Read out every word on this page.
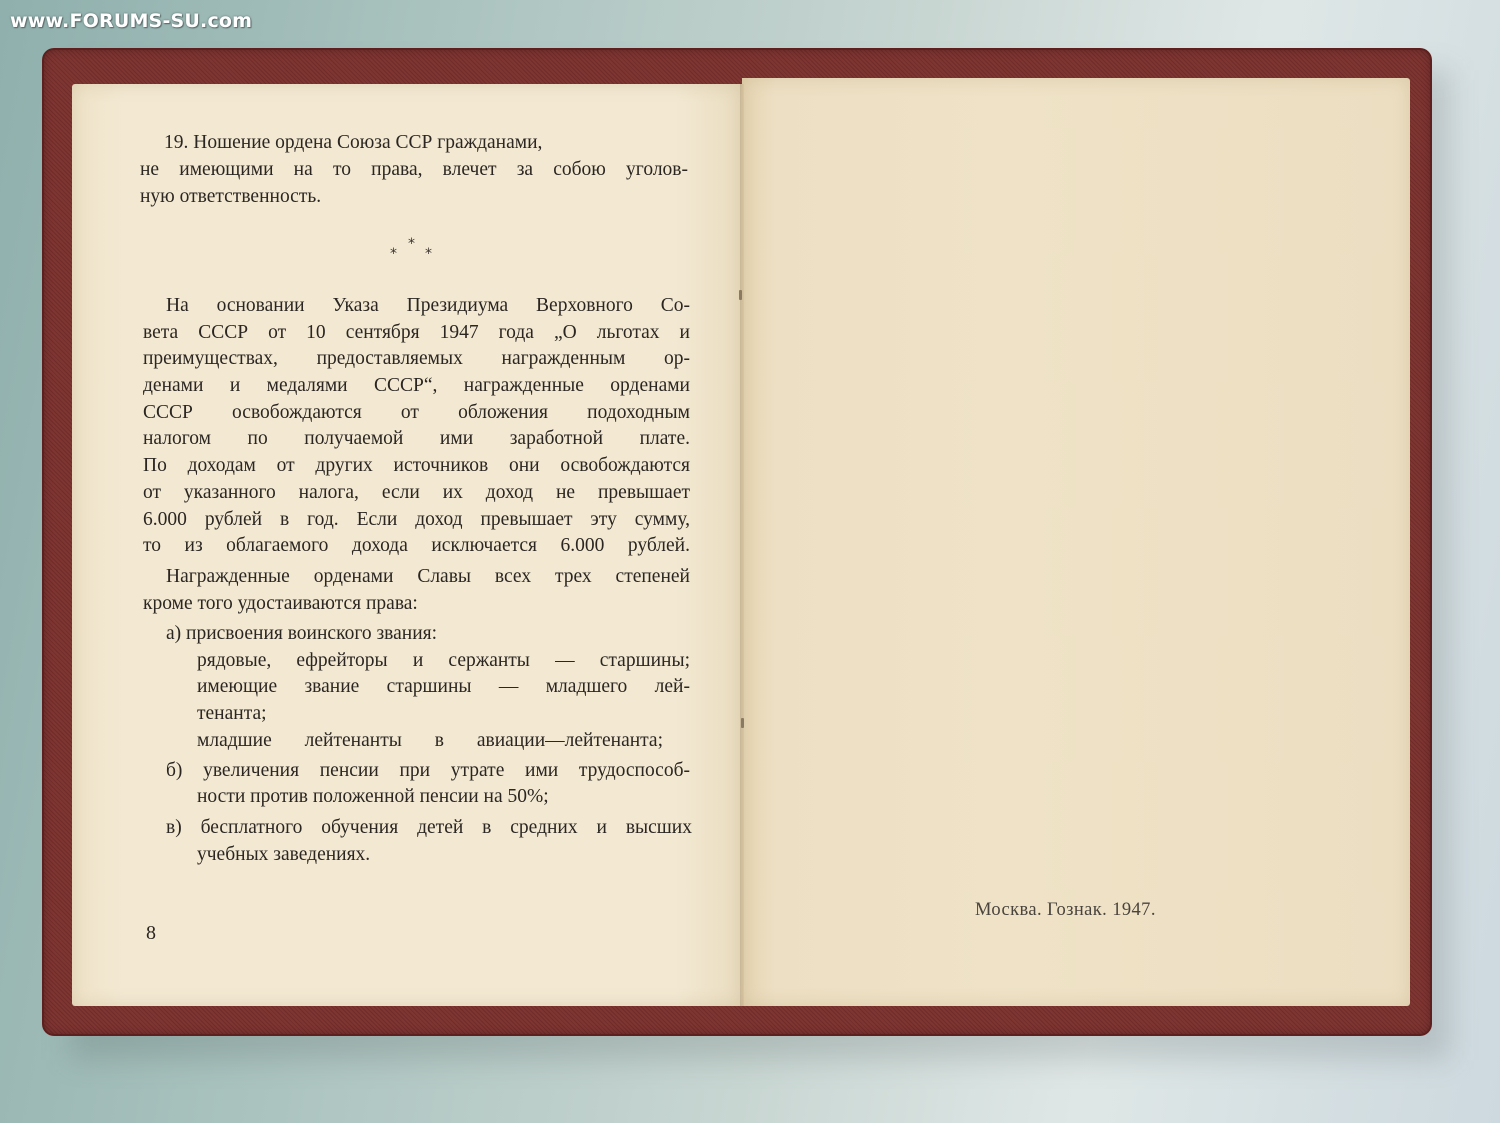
www.FORUMS-SU.com
19. Ношение ордена Союза ССР гражданами,
не имеющими на то права, влечет за собою уголов-
ную ответственность.
*
*
*
На основании Указа Президиума Верховного Со-
вета СССР от 10 сентября 1947 года „О льготах и
преимуществах, предоставляемых награжденным ор-
денами и медалями СССР“, награжденные орденами
СССР освобождаются от обложения подоходным
налогом по получаемой ими заработной плате.
По доходам от других источников они освобождаются
от указанного налога, если их доход не превышает
6.000 рублей в год. Если доход превышает эту сумму,
то из облагаемого дохода исключается 6.000 рублей.
Награжденные орденами Славы всех трех степеней
кроме того удостаиваются права:
а) присвоения воинского звания:
рядовые, ефрейторы и сержанты — старшины;
имеющие звание старшины — младшего лей-
тенанта;
младшие лейтенанты в авиации—лейтенанта;
б) увеличения пенсии при утрате ими трудоспособ-
ности против положенной пенсии на 50%;
в) бесплатного обучения детей в средних и высших
учебных заведениях.
8
Москва. Гознак. 1947.
